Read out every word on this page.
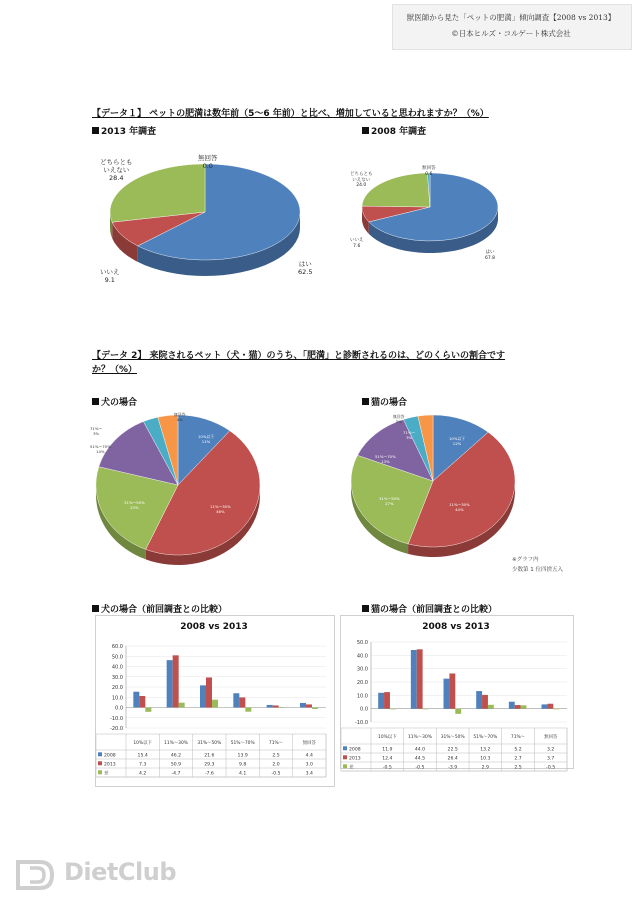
獣医師から見た「ペットの肥満」傾向調査【2008 vs 2013】
©日本ヒルズ・コルゲート株式会社
【データ１】 ペットの肥満は数年前（5～6 年前）と比べ、増加していると思われますか？（%）
2013 年調査	2008 年調査
【データ 2】 来院されるペット（犬・猫）のうち、「肥満」と診断されるのは、どのくらいの割合です
か？（%）
犬の場合	猫の場合
※グラフ内
少数第 1 位四捨五入
犬の場合（前回調査との比較）	猫の場合（前回調査との比較）
2008 vs 2013
60.0
50.0
40.0
30.0
20.0
10.0
0.0
-10.0
-20.0
10%以下	11%～30% 31%～50% 51%～70%	71%～	無回答
2008	15.4	46.2	21.6	13.9	2.5	4.4
2013	7.3	50.9	29.3	9.8	2.0	3.0
差	4.2	-4.7	-7.6	4.1	-0.5	3.4
2008 vs 2013
50.0
40.0
30.0
20.0
10.0
0.0
-10.0
10%以下	11%～30% 31%～50% 51%～70%	71%～	無回答
2008	11.9	44.0	22.5	13.2	5.2	3.2
2013	12.4	44.5	26.4	10.3	2.7	3.7
差	-0.5	-0.5	-3.9	2.9	2.5	-0.5
DietClub
はい
62.5
いいえ
9.1
どちらとも
いえない
28.4
無回答
0.0
はい
67.8
いいえ
7.6
どちらとも
いえない
24.0
無回答
0.6
10%以下
11%
11%～30%
46%
31%～50%
23%
51%～70%
14%
71%～
3%
無回答
4%
10%以下
12%
11%～30%
44%
31%～50%
27%
51%～70%
13%
71%～
3%
無回答
3%
